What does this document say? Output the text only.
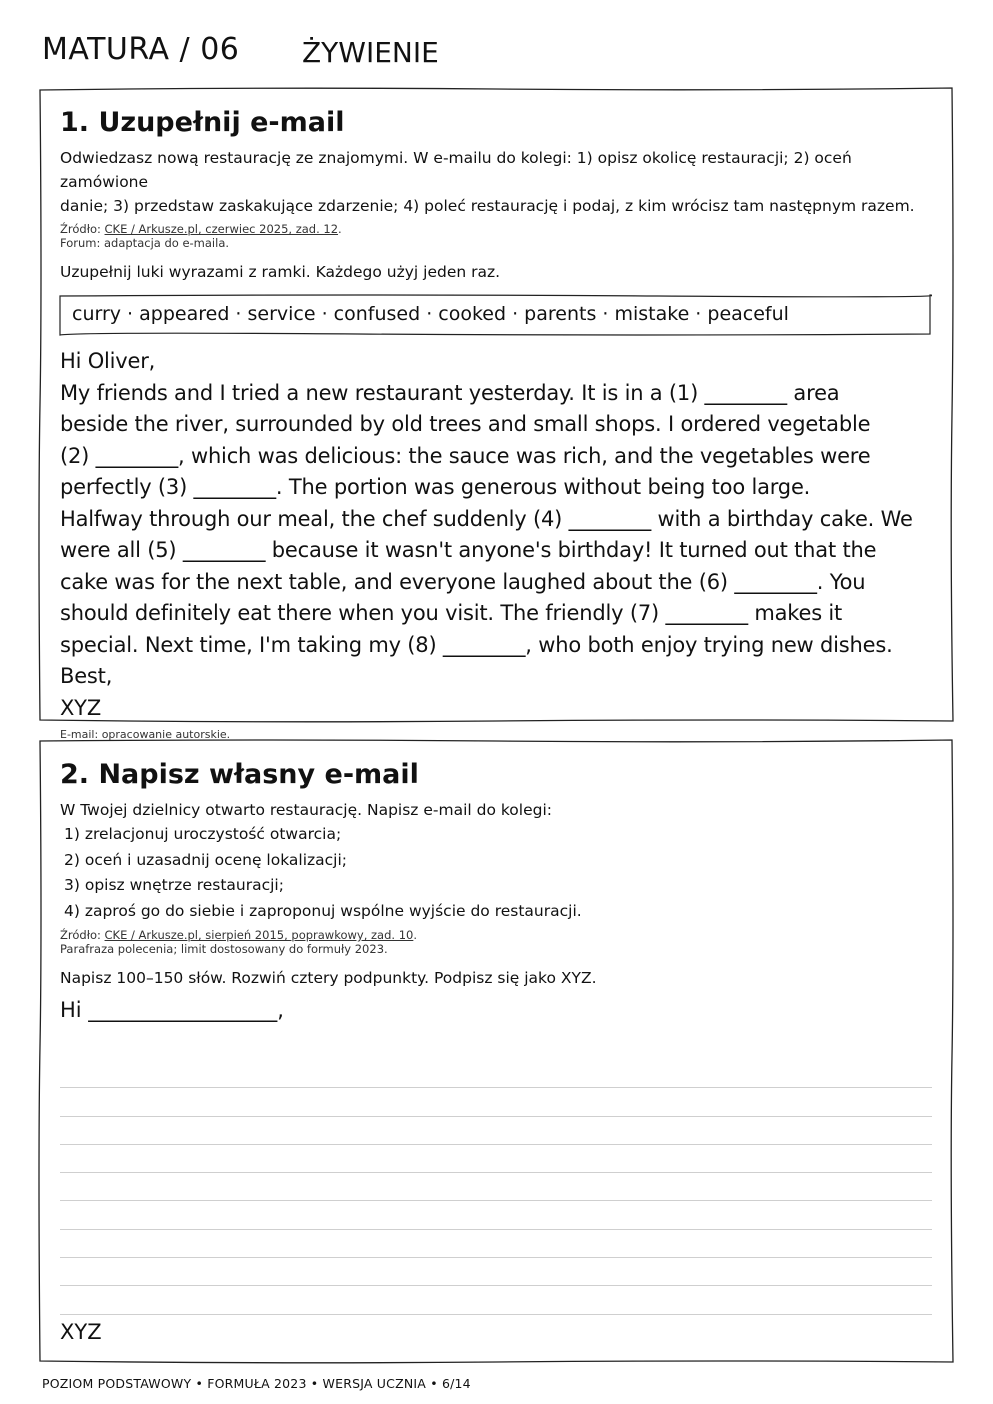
MATURA / 06 ŻYWIENIE
1. Uzupełnij e-mail
Odwiedzasz nową restaurację ze znajomymi. W e-mailu do kolegi: 1) opisz okolicę restauracji; 2) oceń zamówione
danie; 3) przedstaw zaskakujące zdarzenie; 4) poleć restaurację i podaj, z kim wrócisz tam następnym razem.
Źródło: CKE / Arkusze.pl, czerwiec 2025, zad. 12.
Forum: adaptacja do e-maila.
Uzupełnij luki wyrazami z ramki. Każdego użyj jeden raz.
curry · appeared · service · confused · cooked · parents · mistake · peaceful
Hi Oliver,
My friends and I tried a new restaurant yesterday. It is in a (1) ________ area
beside the river, surrounded by old trees and small shops. I ordered vegetable
(2) ________, which was delicious: the sauce was rich, and the vegetables were
perfectly (3) ________. The portion was generous without being too large.
Halfway through our meal, the chef suddenly (4) ________ with a birthday cake. We
were all (5) ________ because it wasn't anyone's birthday! It turned out that the
cake was for the next table, and everyone laughed about the (6) ________. You
should definitely eat there when you visit. The friendly (7) ________ makes it
special. Next time, I'm taking my (8) ________, who both enjoy trying new dishes.
Best,
XYZ
E-mail: opracowanie autorskie.
2. Napisz własny e-mail
W Twojej dzielnicy otwarto restaurację. Napisz e-mail do kolegi:
1) zrelacjonuj uroczystość otwarcia;
2) oceń i uzasadnij ocenę lokalizacji;
3) opisz wnętrze restauracji;
4) zaproś go do siebie i zaproponuj wspólne wyjście do restauracji.
Źródło: CKE / Arkusze.pl, sierpień 2015, poprawkowy, zad. 10.
Parafraza polecenia; limit dostosowany do formuły 2023.
Napisz 100–150 słów. Rozwiń cztery podpunkty. Podpisz się jako XYZ.
Hi __________________,
XYZ
POZIOM PODSTAWOWY • FORMUŁA 2023 • WERSJA UCZNIA • 6/14
